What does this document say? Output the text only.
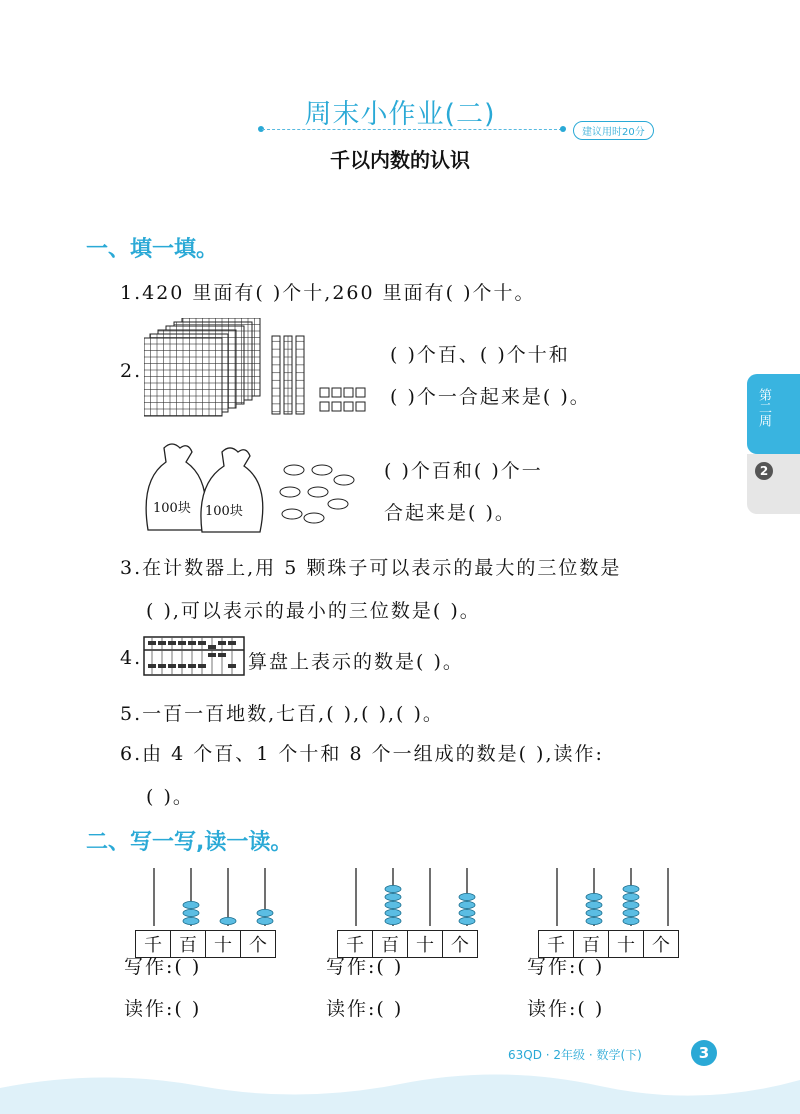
周末小作业(二)
建议用时20分
千以内数的认识
第二周
2
一、填一填。
1.420 里面有( )个十,260 里面有( )个十。
2.
( )个百、( )个十和
( )个一合起来是( )。
100块 100块
( )个百和( )个一
合起来是( )。
3.在计数器上,用 5 颗珠子可以表示的最大的三位数是
( ),可以表示的最小的三位数是( )。
4.	算盘上表示的数是( )。
5.一百一百地数,七百,( ),( ),( )。
6.由 4 个百、1 个十和 8 个一组成的数是( ),读作:
( )。
二、写一写,读一读。
千	百	十	个	千	百	十	个	千	百	十	个
写作:( )	写作:( )	写作:( )
读作:( )	读作:( )	读作:( )
63QD · 2年级 · 数学(下)	3
